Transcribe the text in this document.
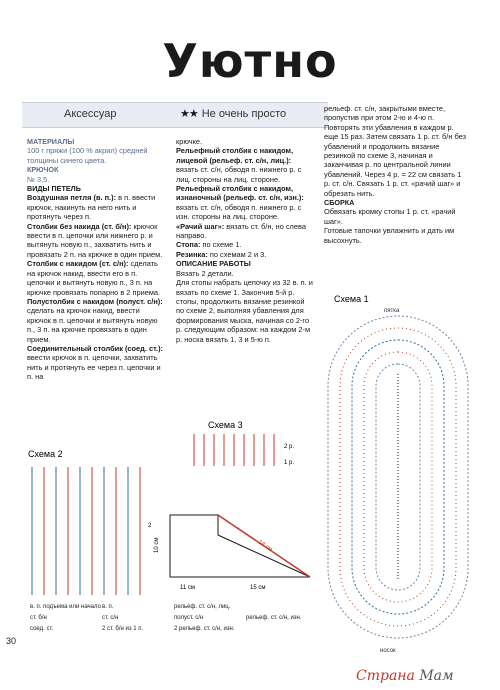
Уютно
Аксессуар	★★ Не очень просто
МАТЕРИАЛЫ

100 г пряжи (100 % акрил) средней толщины синего цвета.

КРЮЧОК

№ 3,5.

ВИДЫ ПЕТЕЛЬ

Воздушная петля (в. п.): в п. ввести крючок, накинуть на него нить и протянуть через п.

Столбик без накида (ст. б/н): крючок ввести в п. цепочки или нижнего р. и вытянуть новую п., захватить нить и провязать 2 п. на крючке в один прием.

Столбик с накидом (ст. с/н): сделать на крючок накид, ввести его в п. цепочки и вытянуть новую п., 3 п. на крючке провязать попарно в 2 приема.

Полустолбик с накидом (полуст. с/н): сделать на крючок накид, ввести крючок в п. цепочки и вытянуть новую п., 3 п. на крючке провязать в один прием.

Соединительный столбик (соед. ст.): ввести крючок в п. цепочки, захватить нить и протянуть ее через п. цепочки и п. на

крючке.

Рельефный столбик с накидом, лицевой (рельеф. ст. с/н, лиц.): вязать ст. с/н, обводя п. нижнего р. с лиц. стороны на лиц. стороне.

Рельефный столбик с накидом, изнаночный (рельеф. ст. с/н, изн.): вязать ст. с/н, обводя п. нижнего р. с изн. стороны на лиц. стороне.

«Рачий шаг»: вязать ст. б/н, но слева направо.

Стопа: по схеме 1.

Резинка: по схемам 2 и 3.

ОПИСАНИЕ РАБОТЫ

Вязать 2 детали.

Для стопы набрать цепочку из 32 в. п. и вязать по схеме 1. Закончив 5-й р. стопы, продолжить вязание резинкой по схеме 2, выполняя убавления для формирования мыска, начиная со 2-го р. следующим образом: на каждом 2-м р. носка вязать 1, 3 и 5-ю п.

рельеф. ст. с/н, закрытыми вместе, пропустив при этом 2-ю и 4-ю п. Повторять эти убавления в каждом р. еще 15 раз. Затем связать 1 р. ст. б/н без убавлений и продолжить вязание резинкой по схеме 3, начиная и заканчивая р. по центральной линии убавлений. Через 4 р. = 22 см связать 1 р. ст. с/н. Связать 1 р. ст. «рачий шаг» и обрезать нить.

СБОРКА

Обвязать кромку стопы 1 р. ст. «рачий шаг».

Готовые тапочки увлажнить и дать им высохнуть.

Схема 1
пятка
носок
Схема 3
2 р.
1 р.
Схема 2
10 см	18 см
11 см	15 см
2
в. п. подъема или начало в. п.	рельеф. ст. с/н, лиц.
ст. б/н	ст. с/н	полуст. с/н	рельеф. ст. с/н, изн.
соед. ст.	2 ст. б/н из 1 п.	2 рельеф. ст. с/н, изн.
30
Страна Мам
